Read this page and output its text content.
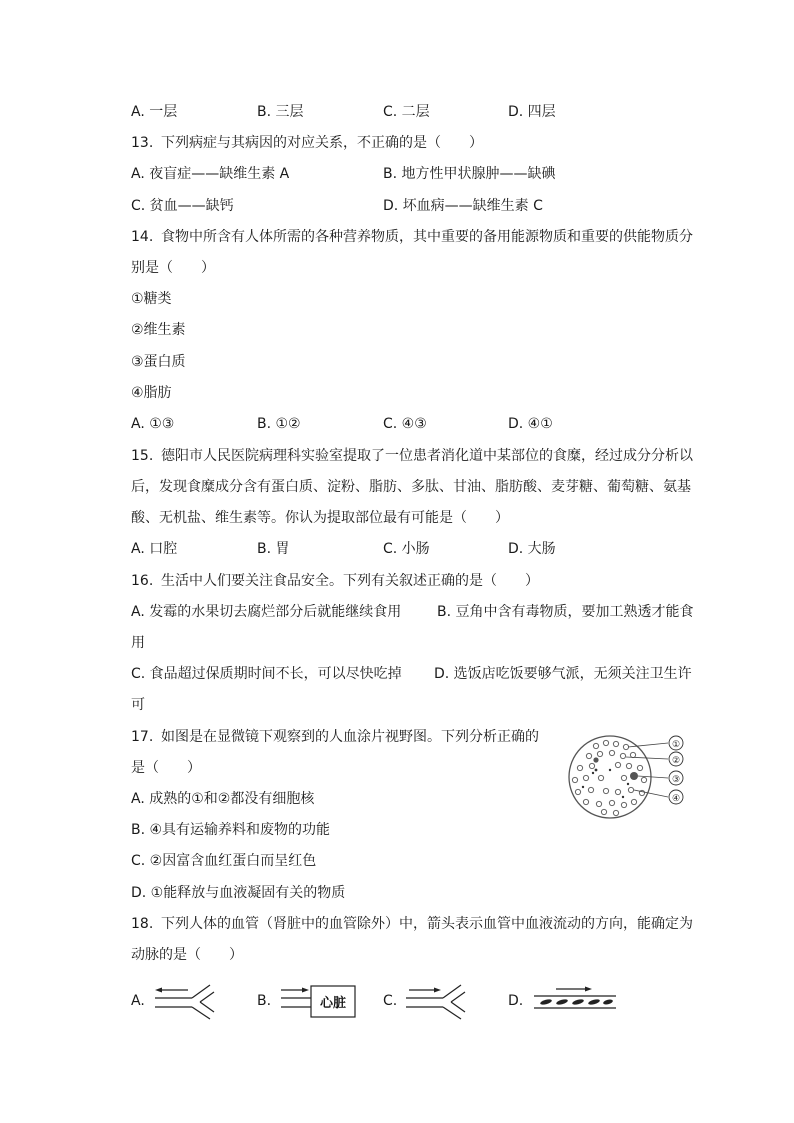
A. 一层	B. 三层	C. 二层	D. 四层
13. 下列病症与其病因的对应关系，不正确的是（　　）
A. 夜盲症——缺维生素 A	B. 地方性甲状腺肿——缺碘
C. 贫血——缺钙	D. 坏血病——缺维生素 C
14. 食物中所含有人体所需的各种营养物质，其中重要的备用能源物质和重要的供能物质分
别是（　　）
①糖类
②维生素
③蛋白质
④脂肪
A. ①③	B. ①②	C. ④③	D. ④①
15. 德阳市人民医院病理科实验室提取了一位患者消化道中某部位的食糜，经过成分分析以
后，发现食糜成分含有蛋白质、淀粉、脂肪、多肽、甘油、脂肪酸、麦芽糖、葡萄糖、氨基
酸、无机盐、维生素等。你认为提取部位最有可能是（　　）
A. 口腔	B. 胃	C. 小肠	D. 大肠
16. 生活中人们要关注食品安全。下列有关叙述正确的是（　　）
A. 发霉的水果切去腐烂部分后就能继续食用	B. 豆角中含有毒物质，要加工熟透才能食
用
C. 食品超过保质期时间不长，可以尽快吃掉 D. 选饭店吃饭要够气派，无须关注卫生许
可
17. 如图是在显微镜下观察到的人血涂片视野图。下列分析正确的
是（　　）
A. 成熟的①和②都没有细胞核
B. ④具有运输养料和废物的功能
C. ②因富含血红蛋白而呈红色
D. ①能释放与血液凝固有关的物质
①
②
③
④
18. 下列人体的血管（肾脏中的血管除外）中，箭头表示血管中血液流动的方向，能确定为
动脉的是（　　）
A.	B.	心脏	C.	D.
